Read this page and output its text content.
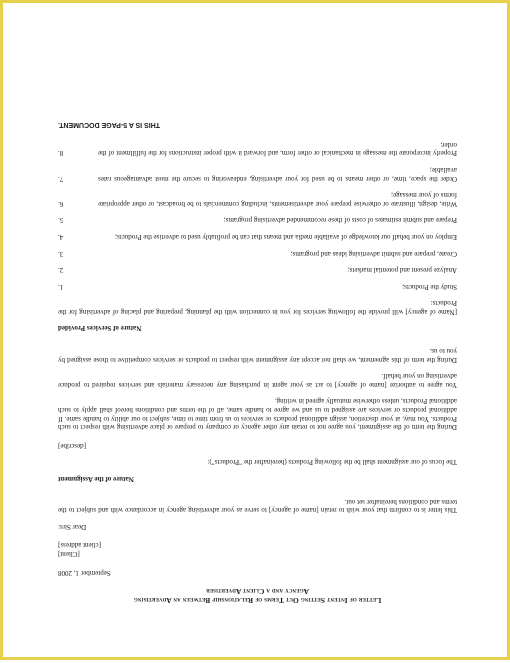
Letter of Intent Setting Out Terms of Relationship Between an Advertising
Agency and a Client Advertiser
September 1, 2008
[Client]
[client address]
Dear Sirs:

This letter is to confirm that your wish to retain [name of agency] to serve as your advertising agency in accordance with and subject to the terms and conditions hereinafter set out.

Nature of the Assignment

The focus of our assignment shall be the following Products (hereinafter the "Products"):

[describe]

During the term of the assignment, you agree not to retain any other agency or company to prepare or place advertising with respect to such Products. You may, at your discretion, assign additional products or services to us from time to time, subject to our ability to handle same. If additional products or services are assigned to us and we agree to handle same, all of the terms and conditions hereof shall apply to such additional Products, unless otherwise mutually agreed in writing.

You agree to authorize [name of agency] to act as your agent in purchasing any necessary materials and services required to produce advertising on your behalf.

During the term of this agreement, we shall not accept any assignment with respect to products or services competitive to those assigned by you to us.

Nature of Services Provided

[Name of agency] will provide the following services for you in connection with the planning, preparing and placing of advertising for the Products:

1.	Study the Products;
2.	Analyze present and potential markets;
3.	Create, prepare and submit advertising ideas and programs;
4.	Employ on your behalf our knowledge of available media and means that can be profitably used to advertise the Products;
5.	Prepare and submit estimates of costs of these recommended advertising programs;
6.	Write, design, illustrate or otherwise prepare your advertisements, including commercials to be broadcast, or other appropriate forms of your message;
7.	Order the space, time, or other means to be used for your advertising, endeavoring to secure the most advantageous rates available;
8.	Properly incorporate the message in mechanical or other form, and forward it with proper instructions for the fulfillment of the order;
THIS IS A 5-PAGE DOCUMENT.
